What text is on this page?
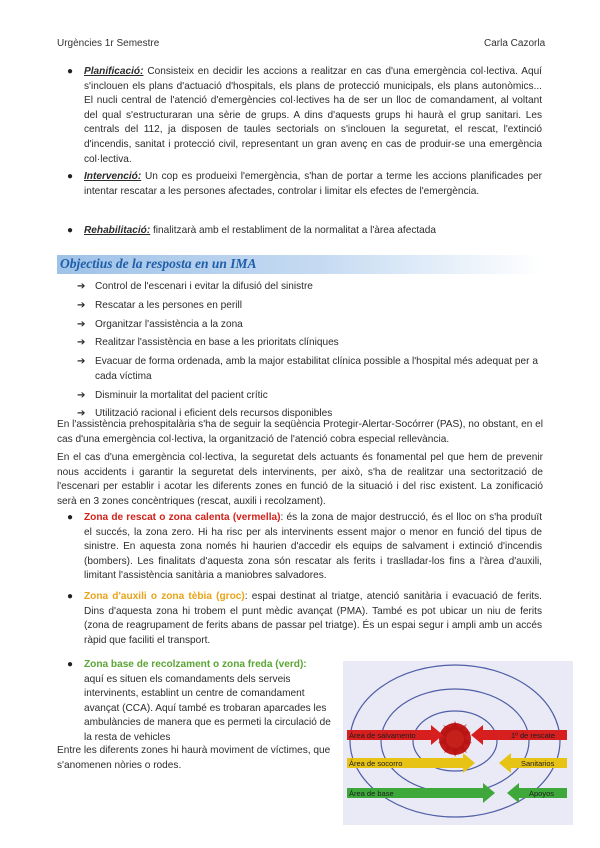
Urgències 1r Semestre	Carla Cazorla
● Planificació: Consisteix en decidir les accions a realitzar en cas d'una emergència col·lectiva. Aquí s'inclouen els plans d'actuació d'hospitals, els plans de protecció municipals, els plans autonòmics... El nucli central de l'atenció d'emergències col·lectives ha de ser un lloc de comandament, al voltant del qual s'estructuraran una sèrie de grups. A dins d'aquests grups hi haurà el grup sanitari. Les centrals del 112, ja disposen de taules sectorials on s'inclouen la seguretat, el rescat, l'extinció d'incendis, sanitat i protecció civil, representant un gran avenç en cas de produir-se una emergència col·lectiva.
● Intervenció: Un cop es produeixi l'emergència, s'han de portar a terme les accions planificades per intentar rescatar a les persones afectades, controlar i limitar els efectes de l'emergència.
● Rehabilitació: finalitzarà amb el restabliment de la normalitat a l'àrea afectada
Objectius de la resposta en un IMA
➔ Control de l'escenari i evitar la difusió del sinistre
➔ Rescatar a les persones en perill
➔ Organitzar l'assistència a la zona
➔ Realitzar l'assistència en base a les prioritats clíniques
➔ Evacuar de forma ordenada, amb la major estabilitat clínica possible a l'hospital més adequat per a cada víctima
➔ Disminuir la mortalitat del pacient crític
➔ Utilització racional i eficient dels recursos disponibles
En l'assistència prehospitalària s'ha de seguir la seqüència Protegir-Alertar-Socórrer (PAS), no obstant, en el cas d'una emergència col·lectiva, la organització de l'atenció cobra especial rellevància.
En el cas d'una emergència col·lectiva, la seguretat dels actuants és fonamental pel que hem de prevenir nous accidents i garantir la seguretat dels intervinents, per això, s'ha de realitzar una sectorització de l'escenari per establir i acotar les diferents zones en funció de la situació i del risc existent. La zonificació serà en 3 zones concèntriques (rescat, auxili i recolzament).
● Zona de rescat o zona calenta (vermella): és la zona de major destrucció, és el lloc on s'ha produït el succés, la zona zero. Hi ha risc per als intervinents essent major o menor en funció del tipus de sinistre. En aquesta zona només hi haurien d'accedir els equips de salvament i extinció d'incendis (bombers). Les finalitats d'aquesta zona són rescatar als ferits i traslladar-los fins a l'àrea d'auxili, limitant l'assistència sanitària a maniobres salvadores.
● Zona d'auxili o zona tèbia (groc): espai destinat al triatge, atenció sanitària i evacuació de ferits. Dins d'aquesta zona hi trobem el punt mèdic avançat (PMA). També es pot ubicar un niu de ferits (zona de reagrupament de ferits abans de passar pel triatge). És un espai segur i ampli amb un accés ràpid que faciliti el transport.
● Zona base de recolzament o zona freda (verd):
aquí es situen els comandaments dels serveis intervinents, establint un centre de comandament avançat (CCA). Aquí també es trobaran aparcades les ambulàncies de manera que es permeti la circulació de la resta de vehicles
Entre les diferents zones hi haurà moviment de víctimes, que s'anomenen nòries o rodes.
Área de salvamento
Área de socorro
Área de base
1º de rescate
Sanitarios
Apoyos
